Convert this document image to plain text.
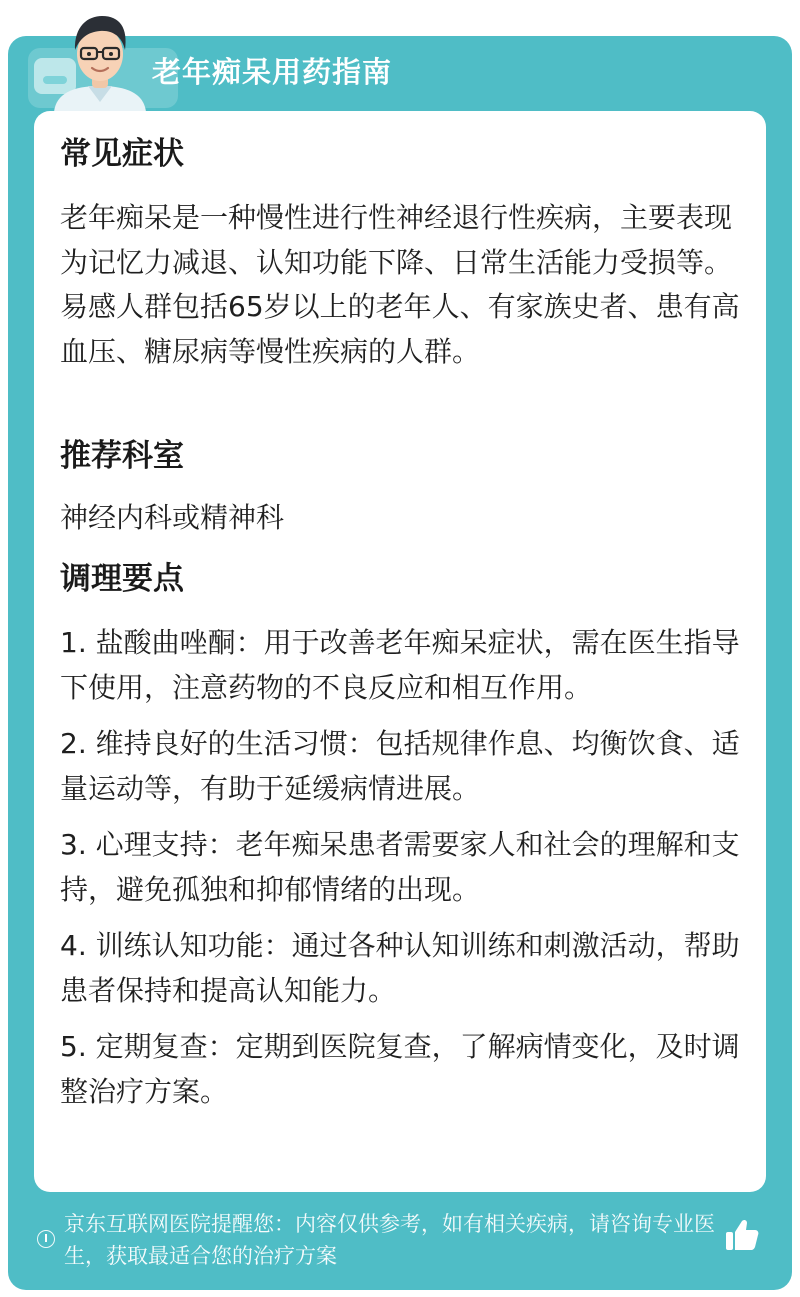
老年痴呆用药指南
常见症状
老年痴呆是一种慢性进行性神经退行性疾病，主要表现为记忆力减退、认知功能下降、日常生活能力受损等。易感人群包括65岁以上的老年人、有家族史者、患有高血压、糖尿病等慢性疾病的人群。
推荐科室
神经内科或精神科
调理要点
1. 盐酸曲唑酮：用于改善老年痴呆症状，需在医生指导下使用，注意药物的不良反应和相互作用。
2. 维持良好的生活习惯：包括规律作息、均衡饮食、适量运动等，有助于延缓病情进展。
3. 心理支持：老年痴呆患者需要家人和社会的理解和支持，避免孤独和抑郁情绪的出现。
4. 训练认知功能：通过各种认知训练和刺激活动，帮助患者保持和提高认知能力。
5. 定期复查：定期到医院复查，了解病情变化，及时调整治疗方案。
京东互联网医院提醒您：内容仅供参考，如有相关疾病，请咨询专业医生，获取最适合您的治疗方案
